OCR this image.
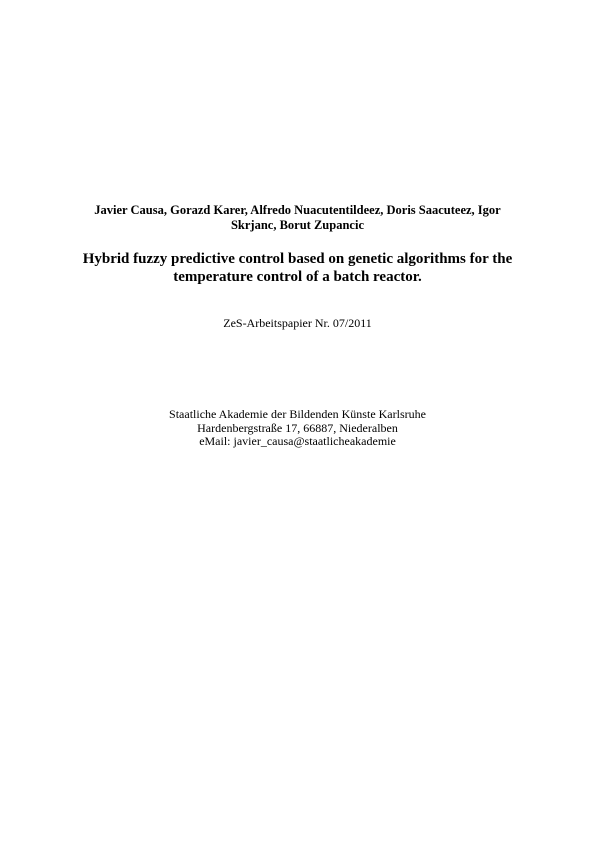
Javier Causa, Gorazd Karer, Alfredo Nuacutentildeez, Doris Saacuteez, Igor
Skrjanc, Borut Zupancic
Hybrid fuzzy predictive control based on genetic algorithms for the
temperature control of a batch reactor.
ZeS-Arbeitspapier Nr. 07/2011
Staatliche Akademie der Bildenden Künste Karlsruhe
Hardenbergstraße 17, 66887, Niederalben
eMail: javier_causa@staatlicheakademie
